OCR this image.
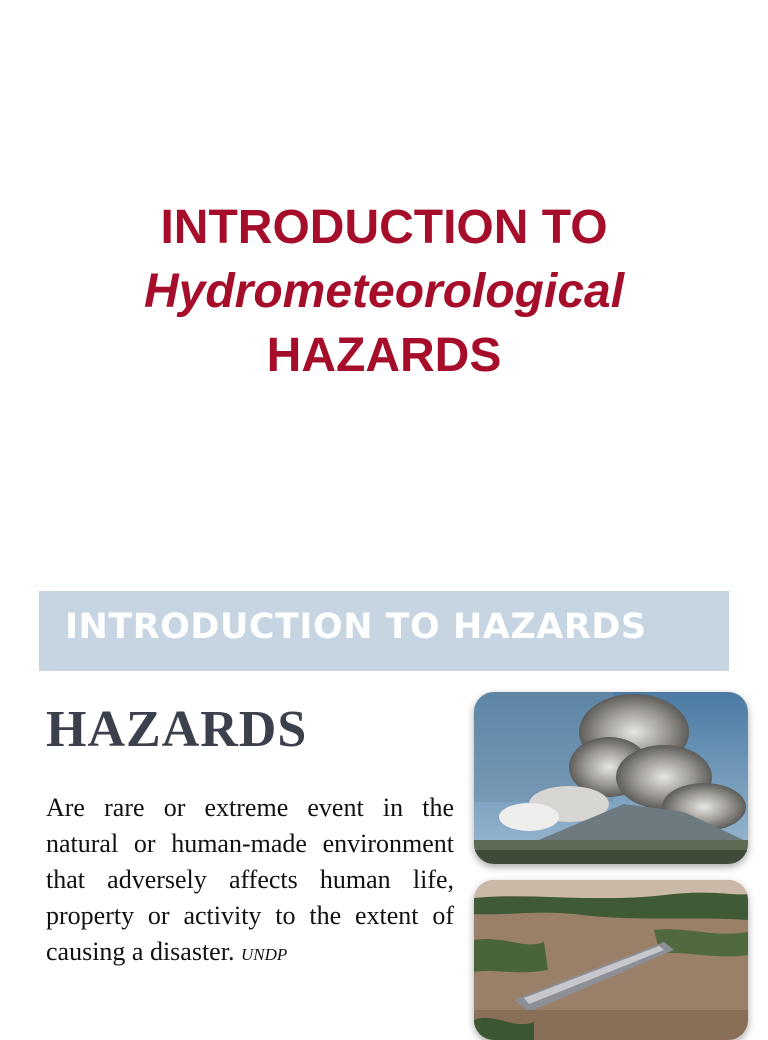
INTRODUCTION TO

Hydrometeorological

HAZARDS

INTRODUCTION TO HAZARDS
HAZARDS
Are rare or extreme event in the natural or human-made environment that adversely affects human life, property or activity to the extent of causing a disaster. UNDP
